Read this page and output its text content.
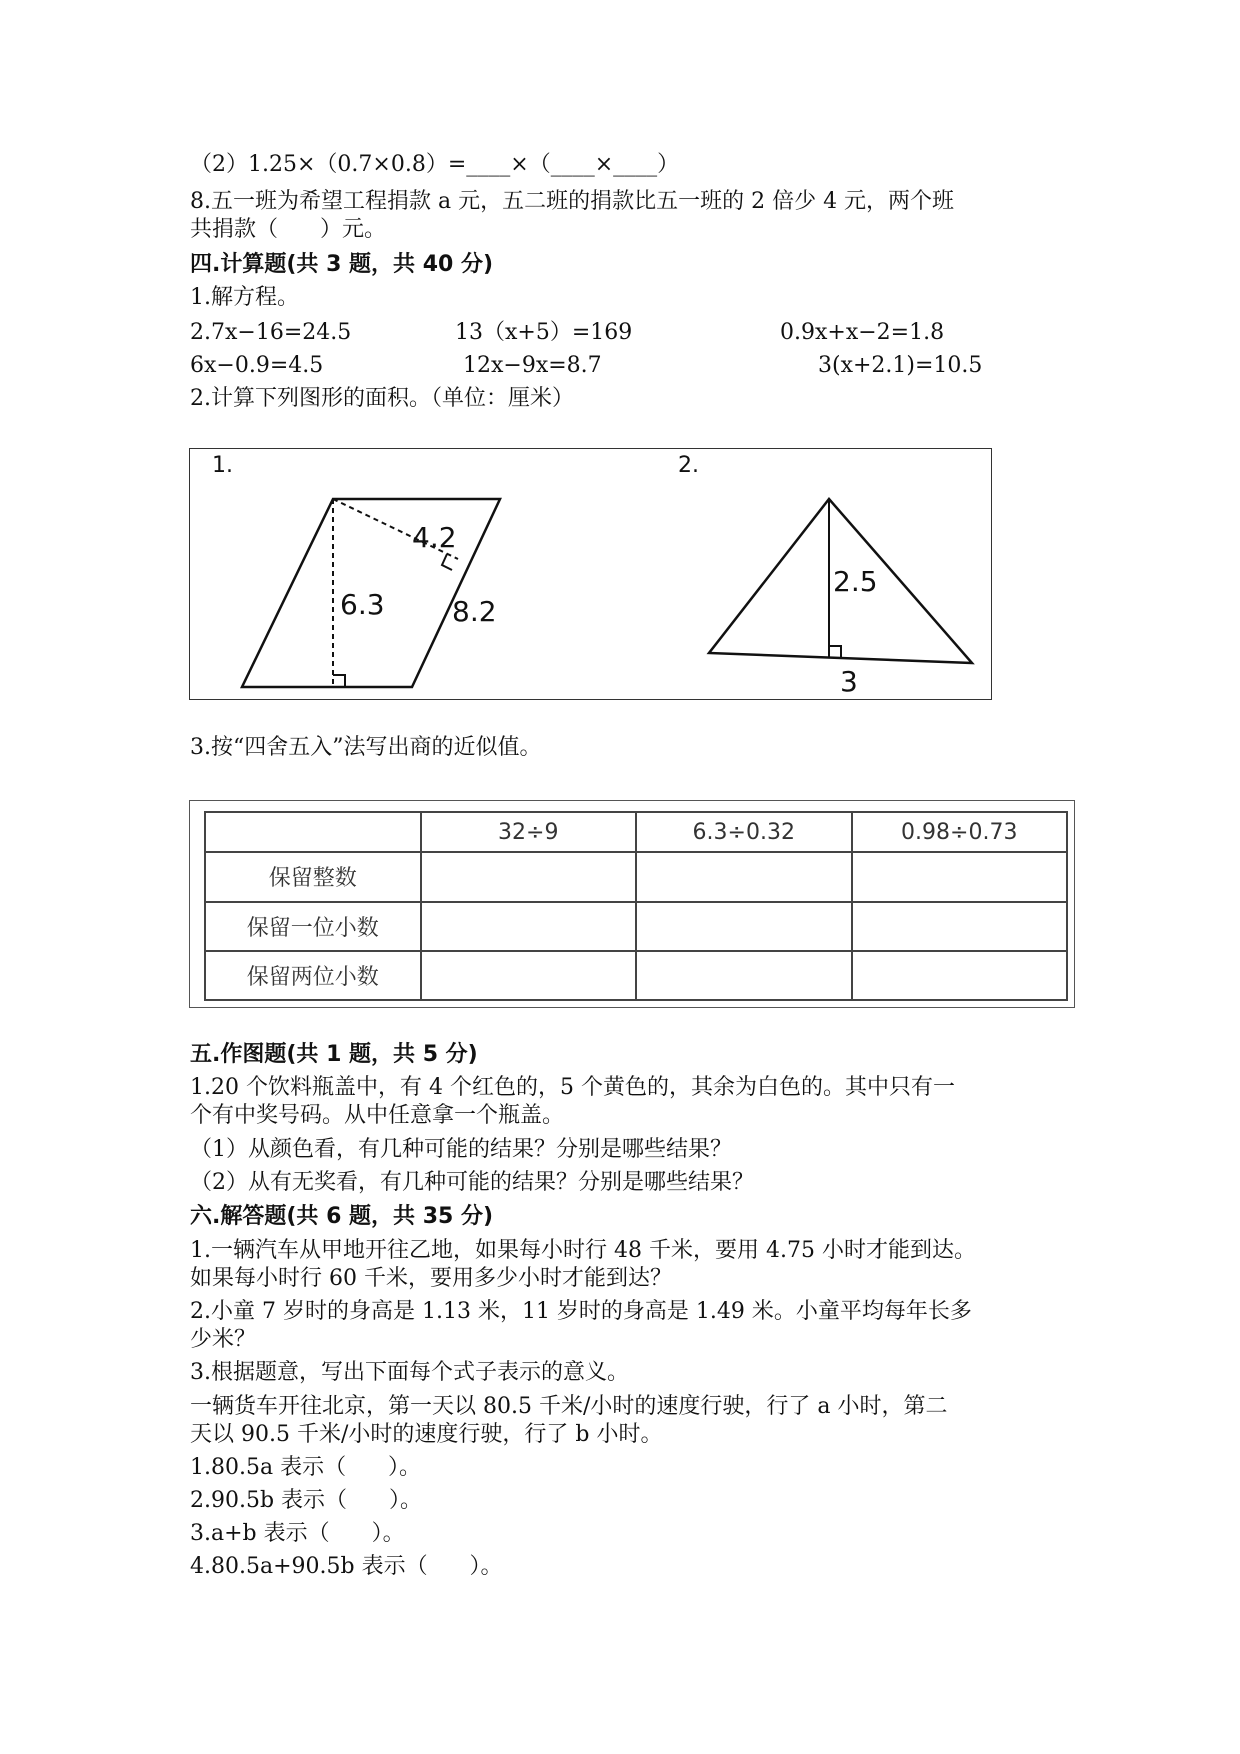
（2）1.25×（0.7×0.8）=____×（____×____）
8.五一班为希望工程捐款 a 元，五二班的捐款比五一班的 2 倍少 4 元，两个班
共捐款（      ）元。
四.计算题(共 3 题，共 40 分)
1.解方程。
2.7x−16=24.5	13（x+5）=169	0.9x+x−2=1.8
6x−0.9=4.5	12x−9x=8.7	3(x+2.1)=10.5
2.计算下列图形的面积。（单位：厘米）
1.	2.
4.2
6.3 8.2
2.5
3
3.按“四舍五入”法写出商的近似值。
	32÷9	6.3÷0.32	0.98÷0.73
保留整数			
保留一位小数			
保留两位小数			
五.作图题(共 1 题，共 5 分)
1.20 个饮料瓶盖中，有 4 个红色的，5 个黄色的，其余为白色的。其中只有一
个有中奖号码。从中任意拿一个瓶盖。
（1）从颜色看，有几种可能的结果？分别是哪些结果？
（2）从有无奖看，有几种可能的结果？分别是哪些结果？
六.解答题(共 6 题，共 35 分)
1.一辆汽车从甲地开往乙地，如果每小时行 48 千米，要用 4.75 小时才能到达。
如果每小时行 60 千米，要用多少小时才能到达？
2.小童 7 岁时的身高是 1.13 米，11 岁时的身高是 1.49 米。小童平均每年长多
少米？
3.根据题意，写出下面每个式子表示的意义。
一辆货车开往北京，第一天以 80.5 千米/小时的速度行驶，行了 a 小时，第二
天以 90.5 千米/小时的速度行驶，行了 b 小时。
1.80.5a 表示（      ）。
2.90.5b 表示（      ）。
3.a+b 表示（      ）。
4.80.5a+90.5b 表示（      ）。
